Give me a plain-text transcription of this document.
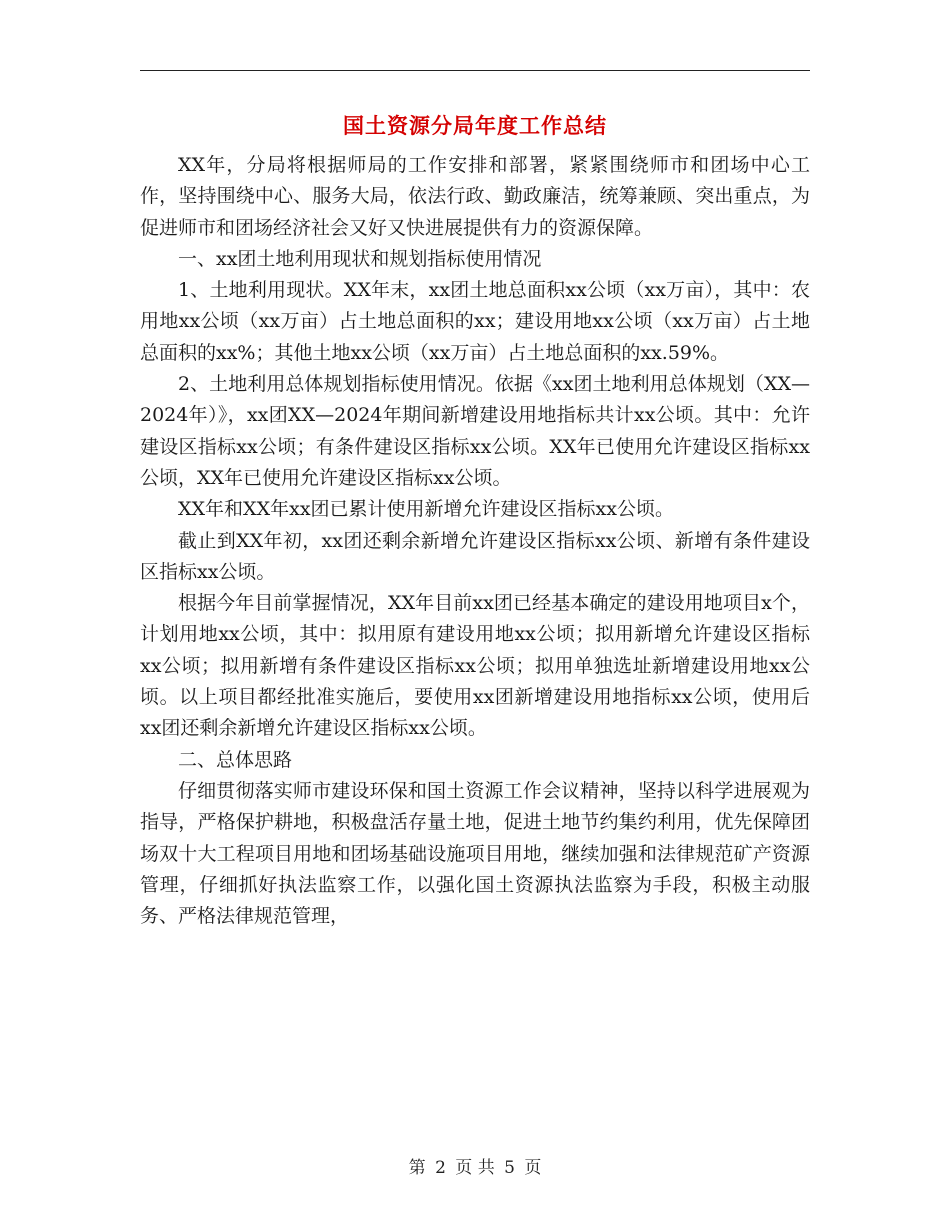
国土资源分局年度工作总结

XX年，分局将根据师局的工作安排和部署，紧紧围绕师市和团场中心工作，坚持围绕中心、服务大局，依法行政、勤政廉洁，统筹兼顾、突出重点，为促进师市和团场经济社会又好又快进展提供有力的资源保障。

一、xx团土地利用现状和规划指标使用情况

1、土地利用现状。XX年末，xx团土地总面积xx公顷（xx万亩），其中：农用地xx公顷（xx万亩）占土地总面积的xx；建设用地xx公顷（xx万亩）占土地总面积的xx%；其他土地xx公顷（xx万亩）占土地总面积的xx.59%。

2、土地利用总体规划指标使用情况。依据《xx团土地利用总体规划（XX—2024年）》，xx团XX—2024年期间新增建设用地指标共计xx公顷。其中：允许建设区指标xx公顷；有条件建设区指标xx公顷。XX年已使用允许建设区指标xx公顷，XX年已使用允许建设区指标xx公顷。

XX年和XX年xx团已累计使用新增允许建设区指标xx公顷。

截止到XX年初，xx团还剩余新增允许建设区指标xx公顷、新增有条件建设区指标xx公顷。

根据今年目前掌握情况，XX年目前xx团已经基本确定的建设用地项目x个，计划用地xx公顷，其中：拟用原有建设用地xx公顷；拟用新增允许建设区指标xx公顷；拟用新增有条件建设区指标xx公顷；拟用单独选址新增建设用地xx公顷。以上项目都经批准实施后，要使用xx团新增建设用地指标xx公顷，使用后xx团还剩余新增允许建设区指标xx公顷。

二、总体思路

仔细贯彻落实师市建设环保和国土资源工作会议精神，坚持以科学进展观为指导，严格保护耕地，积极盘活存量土地，促进土地节约集约利用，优先保障团场双十大工程项目用地和团场基础设施项目用地，继续加强和法律规范矿产资源管理，仔细抓好执法监察工作，以强化国土资源执法监察为手段，积极主动服务、严格法律规范管理，

第 2 页 共 5 页
